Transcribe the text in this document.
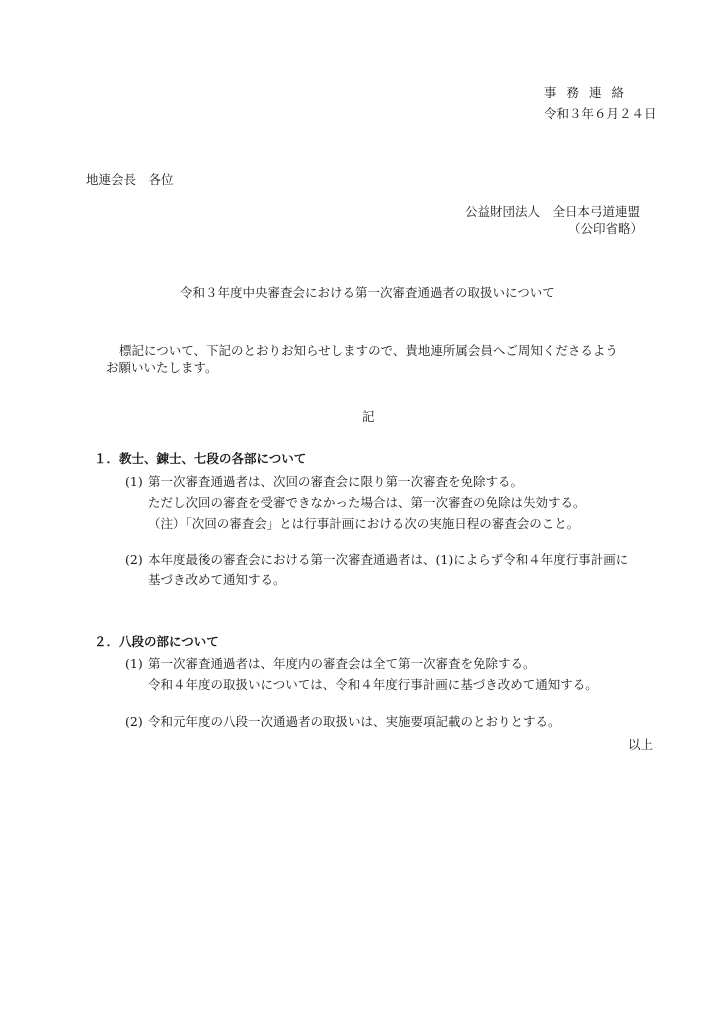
事務連絡
令和３年６月２４日
地連会長　各位
公益財団法人　全日本弓道連盟
（公印省略）
令和３年度中央審査会における第一次審査通過者の取扱いについて
標記について、下記のとおりお知らせしますので、貴地連所属会員へご周知くださるよう
お願いいたします。
記
１．教士、錬士、七段の各部について
(1) 第一次審査通過者は、次回の審査会に限り第一次審査を免除する。
ただし次回の審査を受審できなかった場合は、第一次審査の免除は失効する。
（注）「次回の審査会」とは行事計画における次の実施日程の審査会のこと。
(2) 本年度最後の審査会における第一次審査通過者は、(1)によらず令和４年度行事計画に
基づき改めて通知する。
２．八段の部について
(1) 第一次審査通過者は、年度内の審査会は全て第一次審査を免除する。
令和４年度の取扱いについては、令和４年度行事計画に基づき改めて通知する。
(2) 令和元年度の八段一次通過者の取扱いは、実施要項記載のとおりとする。
以上
